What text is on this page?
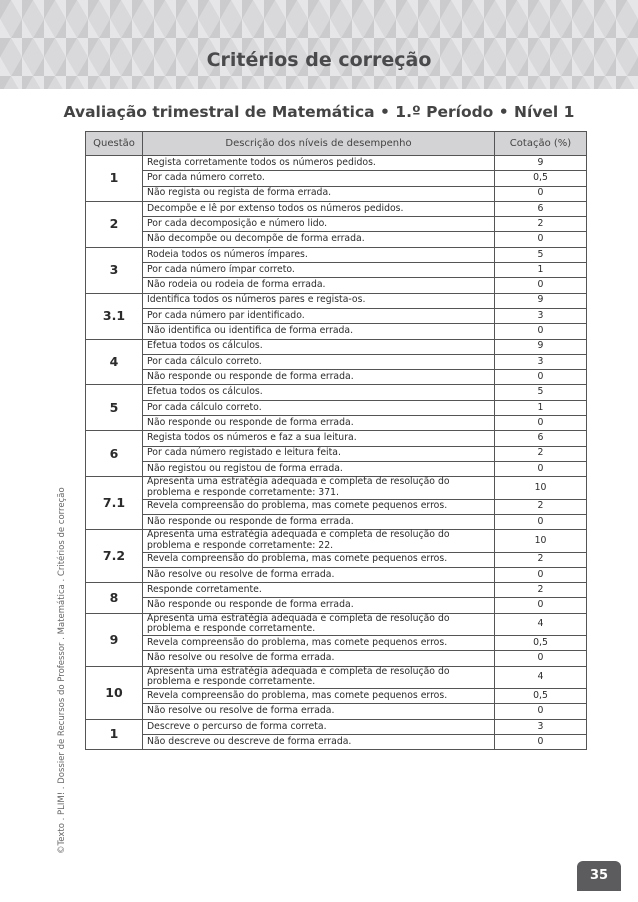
Critérios de correção
Avaliação trimestral de Matemática • 1.º Período • Nível 1
©Texto . PLIM! . Dossier de Recursos do Professor . Matemática . Critérios de correção
Questão	Descrição dos níveis de desempenho	Cotação (%)
1	Regista corretamente todos os números pedidos.	9
	Por cada número correto.	0,5
	Não regista ou regista de forma errada.	0
2	Decompõe e lê por extenso todos os números pedidos.	6
	Por cada decomposição e número lido.	2
	Não decompõe ou decompõe de forma errada.	0
3	Rodeia todos os números ímpares.	5
	Por cada número ímpar correto.	1
	Não rodeia ou rodeia de forma errada.	0
3.1	Identifica todos os números pares e regista-os.	9
	Por cada número par identificado.	3
	Não identifica ou identifica de forma errada.	0
4	Efetua todos os cálculos.	9
	Por cada cálculo correto.	3
	Não responde ou responde de forma errada.	0
5	Efetua todos os cálculos.	5
	Por cada cálculo correto.	1
	Não responde ou responde de forma errada.	0
6	Regista todos os números e faz a sua leitura.	6
	Por cada número registado e leitura feita.	2
	Não registou ou registou de forma errada.	0
7.1	Apresenta uma estratégia adequada e completa de resolução do problema e responde corretamente: 371.	10
	Revela compreensão do problema, mas comete pequenos erros.	2
	Não responde ou responde de forma errada.	0
7.2	Apresenta uma estratégia adequada e completa de resolução do problema e responde corretamente: 22.	10
	Revela compreensão do problema, mas comete pequenos erros.	2
	Não resolve ou resolve de forma errada.	0
8	Responde corretamente.	2
	Não responde ou responde de forma errada.	0
9	Apresenta uma estratégia adequada e completa de resolução do problema e responde corretamente.	4
	Revela compreensão do problema, mas comete pequenos erros.	0,5
	Não resolve ou resolve de forma errada.	0
10	Apresenta uma estratégia adequada e completa de resolução do problema e responde corretamente.	4
	Revela compreensão do problema, mas comete pequenos erros.	0,5
	Não resolve ou resolve de forma errada.	0
1	Descreve o percurso de forma correta.	3
	Não descreve ou descreve de forma errada.	0
35
